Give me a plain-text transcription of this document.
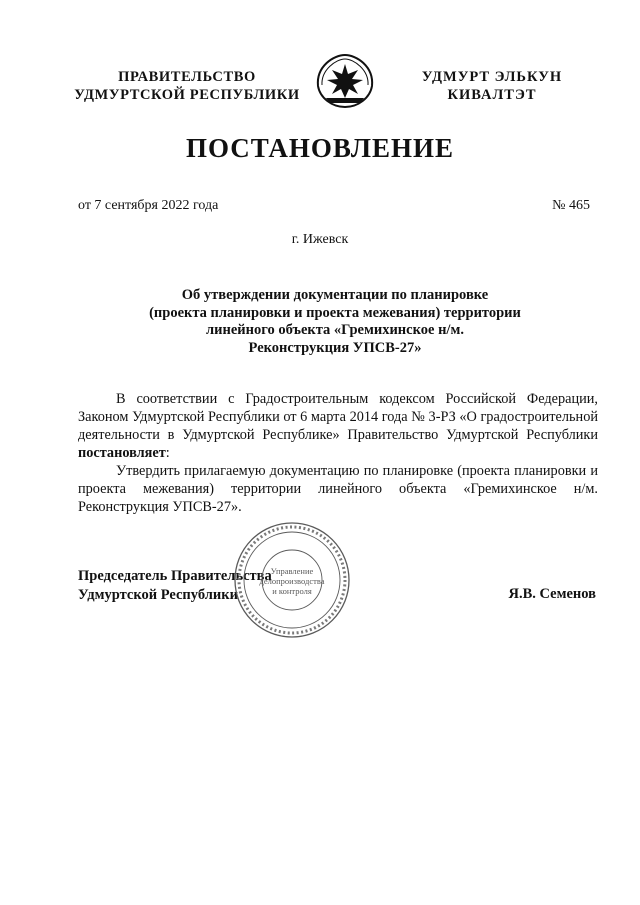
ПРАВИТЕЛЬСТВО
УДМУРТСКОЙ РЕСПУБЛИКИ
УДМУРТ ЭЛЬКУН
КИВАЛТЭТ
ПОСТАНОВЛЕНИЕ
от 7 сентября 2022 года	№ 465
г. Ижевск
Об утверждении документации по планировке
(проекта планировки и проекта межевания) территории
линейного объекта «Гремихинское н/м.
Реконструкция УПСВ-27»

В соответствии с Градостроительным кодексом Российской Федерации, Законом Удмуртской Республики от 6 марта 2014 года № 3-РЗ «О градостроительной деятельности в Удмуртской Республике» Правительство Удмуртской Республики постановляет:

Утвердить прилагаемую документацию по планировке (проекта планировки и проекта межевания) территории линейного объекта «Гремихинское н/м. Реконструкция УПСВ-27».

Председатель Правительства
Удмуртской Республики	Я.В. Семенов
Управление
делопроизводства
и контроля
